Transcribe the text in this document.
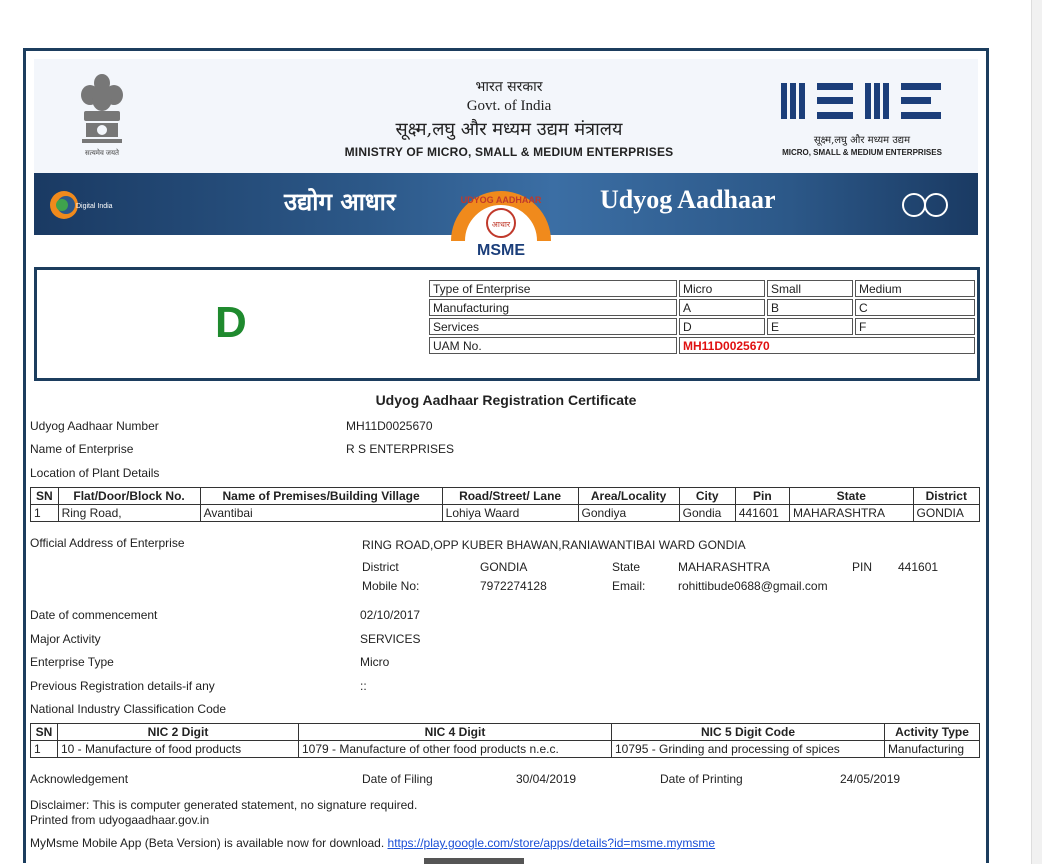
सत्यमेव जयते
भारत सरकार
Govt. of India
सूक्ष्म,लघु और मध्यम उद्यम मंत्रालय
MINISTRY OF MICRO, SMALL & MEDIUM ENTERPRISES
सूक्ष्म,लघु और मध्यम उद्यम
MICRO, SMALL & MEDIUM ENTERPRISES
Digital India	उद्योग आधार	Udyog Aadhaar
UDYOG AADHAAR
आधार
MSME
D
Type of Enterprise	Micro	Small	Medium
Manufacturing	A	B	C
Services	D	E	F
UAM No.	MH11D0025670		
Udyog Aadhaar Registration Certificate
Udyog Aadhaar Number	MH11D0025670
Name of Enterprise	R S ENTERPRISES
Location of Plant Details
SN	Flat/Door/Block No.	Name of Premises/Building Village	Road/Street/ Lane	Area/Locality	City	Pin	State	District
1	Ring Road,	Avantibai	Lohiya Waard	Gondiya	Gondia	441601	MAHARASHTRA	GONDIA
Official Address of Enterprise	RING ROAD,OPP KUBER BHAWAN,RANIAWANTIBAI WARD GONDIA
District	GONDIA	State	MAHARASHTRA	PIN 441601
Mobile No:	7972274128	Email:	rohittibude0688@gmail.com
Date of commencement	02/10/2017
Major Activity	SERVICES
Enterprise Type	Micro
Previous Registration details-if any	::
National Industry Classification Code
SN	NIC 2 Digit	NIC 4 Digit	NIC 5 Digit Code	Activity Type
1	10 - Manufacture of food products	1079 - Manufacture of other food products n.e.c.	10795 - Grinding and processing of spices	Manufacturing
Acknowledgement	Date of Filing	30/04/2019	Date of Printing	24/05/2019
Disclaimer: This is computer generated statement, no signature required.
Printed from udyogaadhaar.gov.in
MyMsme Mobile App (Beta Version) is available now for download. https://play.google.com/store/apps/details?id=msme.mymsme
